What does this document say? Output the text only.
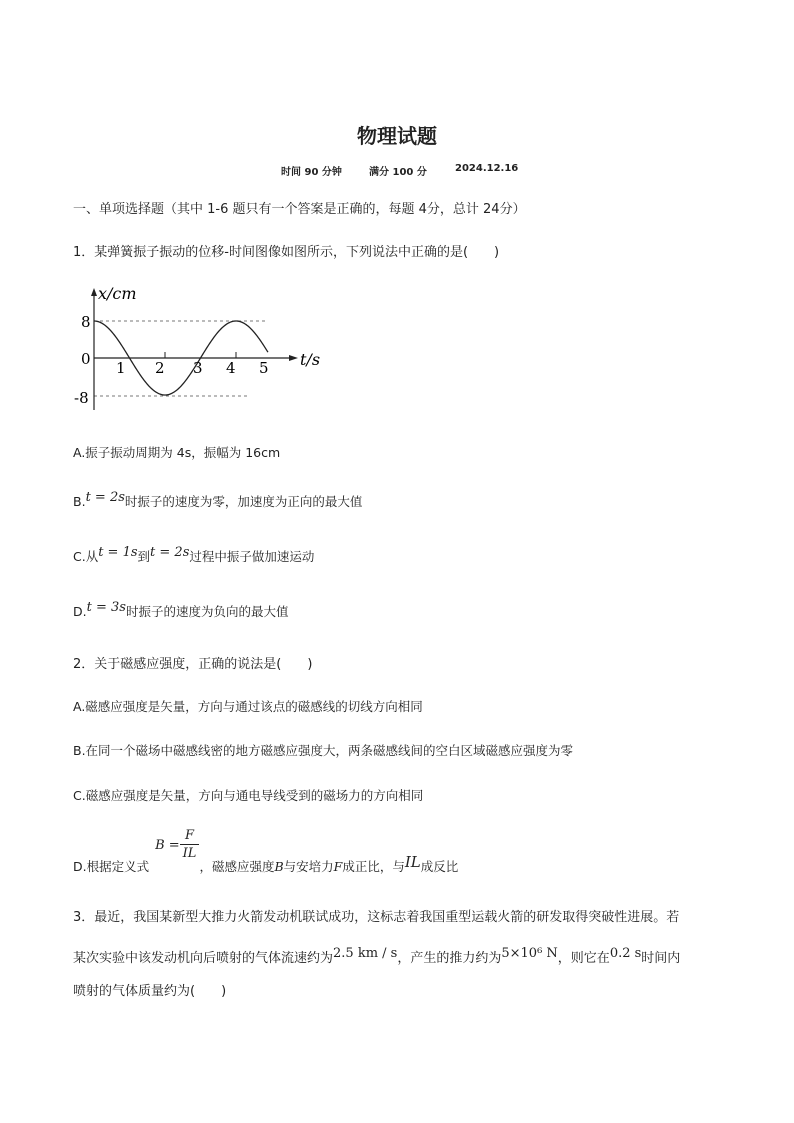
物理试题
时间 90 分钟	满分 100 分	2024.12.16
一、单项选择题（其中 1-6 题只有一个答案是正确的，每题 4分，总计 24分）
1．某弹簧振子振动的位移-时间图像如图所示，下列说法中正确的是(　　)
x/cm
t/s
8
0
-8
1 2 3 4 5
A.振子振动周期为 4s，振幅为 16cm
B.t = 2s时振子的速度为零，加速度为正向的最大值
C.从t = 1s到t = 2s过程中振子做加速运动
D.t = 3s时振子的速度为负向的最大值
2．关于磁感应强度，正确的说法是(　　)
A.磁感应强度是矢量，方向与通过该点的磁感线的切线方向相同
B.在同一个磁场中磁感线密的地方磁感应强度大，两条磁感线间的空白区域磁感应强度为零
C.磁感应强度是矢量，方向与通电导线受到的磁场力的方向相同
D.根据定义式 $B = \frac{F}{IL}$
，磁感应强度B与安培力F成正比，与IL成反比
3．最近，我国某新型大推力火箭发动机联试成功，这标志着我国重型运载火箭的研发取得突破性进展。若
某次实验中该发动机向后喷射的气体流速约为2.5 km / s，产生的推力约为5×10⁶ N，则它在0.2 s时间内
喷射的气体质量约为(　　)
